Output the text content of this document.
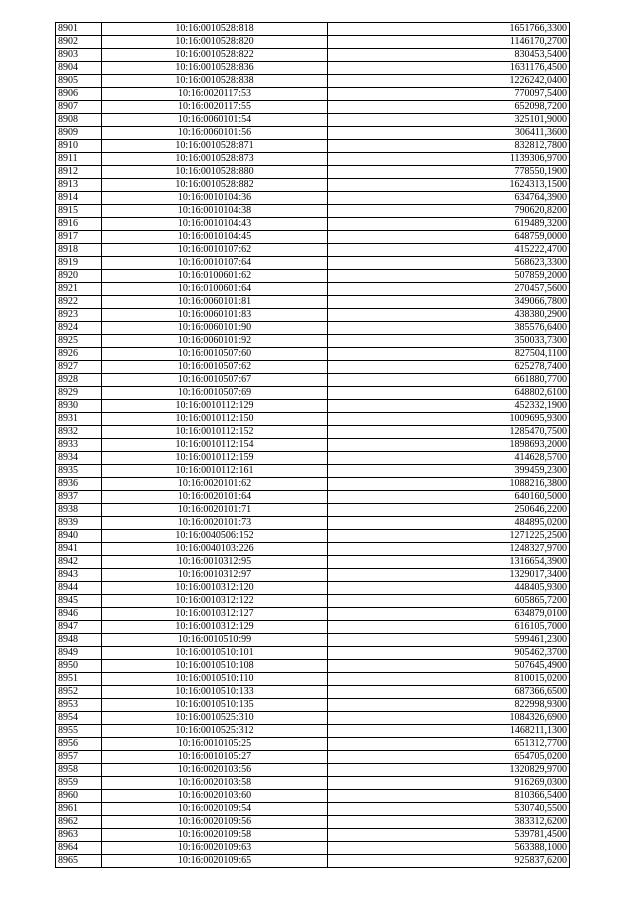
8901	10:16:0010528:818	1651766,3300
8902	10:16:0010528:820	1146170,2700
8903	10:16:0010528:822	830453,5400
8904	10:16:0010528:836	1631176,4500
8905	10:16:0010528:838	1226242,0400
8906	10:16:0020117:53	770097,5400
8907	10:16:0020117:55	652098,7200
8908	10:16:0060101:54	325101,9000
8909	10:16:0060101:56	306411,3600
8910	10:16:0010528:871	832812,7800
8911	10:16:0010528:873	1139306,9700
8912	10:16:0010528:880	778550,1900
8913	10:16:0010528:882	1624313,1500
8914	10:16:0010104:36	634764,3900
8915	10:16:0010104:38	790620,8200
8916	10:16:0010104:43	619489,3200
8917	10:16:0010104:45	648759,0000
8918	10:16:0010107:62	415222,4700
8919	10:16:0010107:64	568623,3300
8920	10:16:0100601:62	507859,2000
8921	10:16:0100601:64	270457,5600
8922	10:16:0060101:81	349066,7800
8923	10:16:0060101:83	438380,2900
8924	10:16:0060101:90	385576,6400
8925	10:16:0060101:92	350033,7300
8926	10:16:0010507:60	827504,1100
8927	10:16:0010507:62	625278,7400
8928	10:16:0010507:67	661880,7700
8929	10:16:0010507:69	648802,6100
8930	10:16:0010112:129	452332,1900
8931	10:16:0010112:150	1009695,9300
8932	10:16:0010112:152	1285470,7500
8933	10:16:0010112:154	1898693,2000
8934	10:16:0010112:159	414628,5700
8935	10:16:0010112:161	399459,2300
8936	10:16:0020101:62	1088216,3800
8937	10:16:0020101:64	640160,5000
8938	10:16:0020101:71	250646,2200
8939	10:16:0020101:73	484895,0200
8940	10:16:0040506:152	1271225,2500
8941	10:16:0040103:226	1248327,9700
8942	10:16:0010312:95	1316654,3900
8943	10:16:0010312:97	1329017,3400
8944	10:16:0010312:120	448405,9300
8945	10:16:0010312:122	605865,7200
8946	10:16:0010312:127	634879,0100
8947	10:16:0010312:129	616105,7000
8948	10:16:0010510:99	599461,2300
8949	10:16:0010510:101	905462,3700
8950	10:16:0010510:108	507645,4900
8951	10:16:0010510:110	810015,0200
8952	10:16:0010510:133	687366,6500
8953	10:16:0010510:135	822998,9300
8954	10:16:0010525:310	1084326,6900
8955	10:16:0010525:312	1468211,1300
8956	10:16:0010105:25	651312,7700
8957	10:16:0010105:27	654705,0200
8958	10:16:0020103:56	1320829,9700
8959	10:16:0020103:58	916269,0300
8960	10:16:0020103:60	810366,5400
8961	10:16:0020109:54	530740,5500
8962	10:16:0020109:56	383312,6200
8963	10:16:0020109:58	539781,4500
8964	10:16:0020109:63	563388,1000
8965	10:16:0020109:65	925837,6200
